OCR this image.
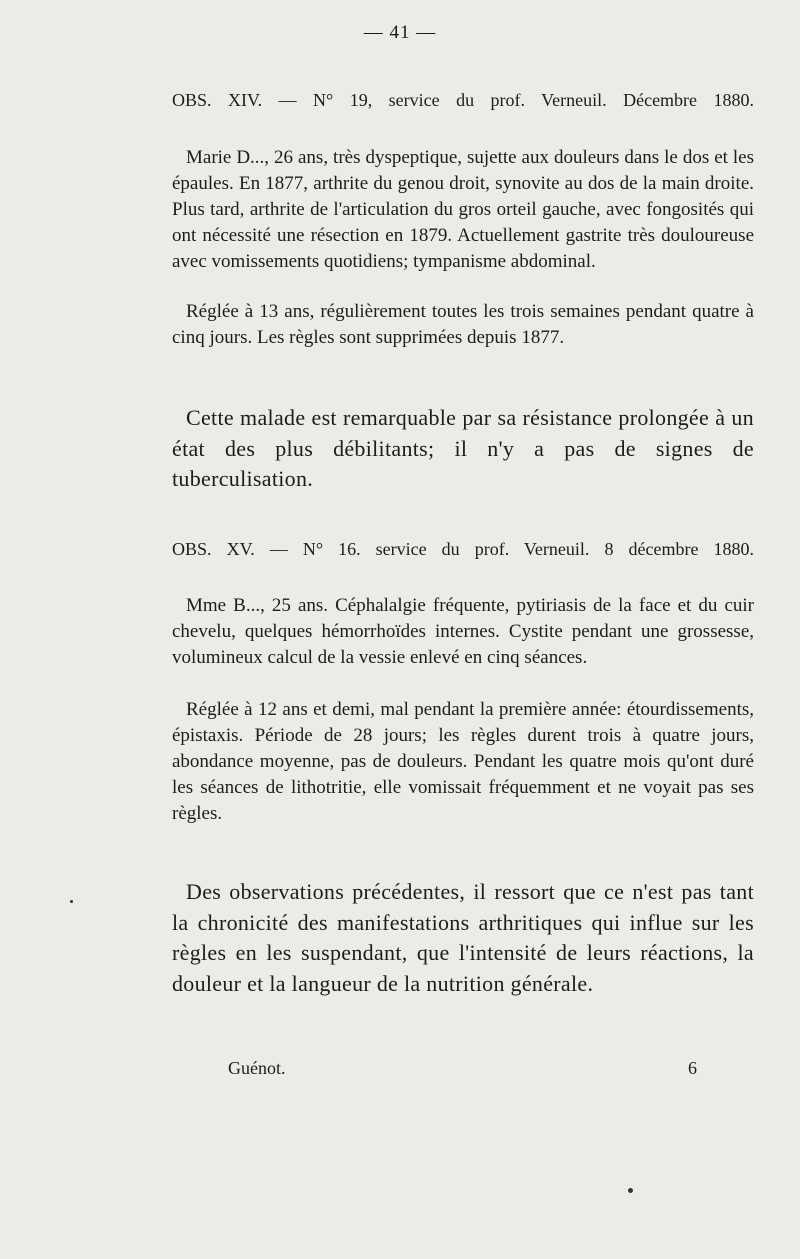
— 41 —

OBS. XIV. — N° 19, service du prof. Verneuil. Décembre 1880.

Marie D..., 26 ans, très dyspeptique, sujette aux douleurs dans le dos et les épaules. En 1877, arthrite du genou droit, synovite au dos de la main droite. Plus tard, arthrite de l'articulation du gros orteil gauche, avec fongosités qui ont nécessité une résection en 1879. Actuellement gastrite très douloureuse avec vomissements quotidiens; tympanisme abdominal.

Réglée à 13 ans, régulièrement toutes les trois semaines pendant quatre à cinq jours. Les règles sont supprimées depuis 1877.

Cette malade est remarquable par sa résistance prolongée à un état des plus débilitants; il n'y a pas de signes de tuberculisation.

OBS. XV. — N° 16. service du prof. Verneuil. 8 décembre 1880.

Mme B..., 25 ans. Céphalalgie fréquente, pytiriasis de la face et du cuir chevelu, quelques hémorrhoïdes internes. Cystite pendant une grossesse, volumineux calcul de la vessie enlevé en cinq séances.

Réglée à 12 ans et demi, mal pendant la première année: étourdissements, épistaxis. Période de 28 jours; les règles durent trois à quatre jours, abondance moyenne, pas de douleurs. Pendant les quatre mois qu'ont duré les séances de lithotritie, elle vomissait fréquemment et ne voyait pas ses règles.

Des observations précédentes, il ressort que ce n'est pas tant la chronicité des manifestations arthritiques qui influe sur les règles en les suspendant, que l'intensité de leurs réactions, la douleur et la langueur de la nutrition générale.

Guénot.	6
